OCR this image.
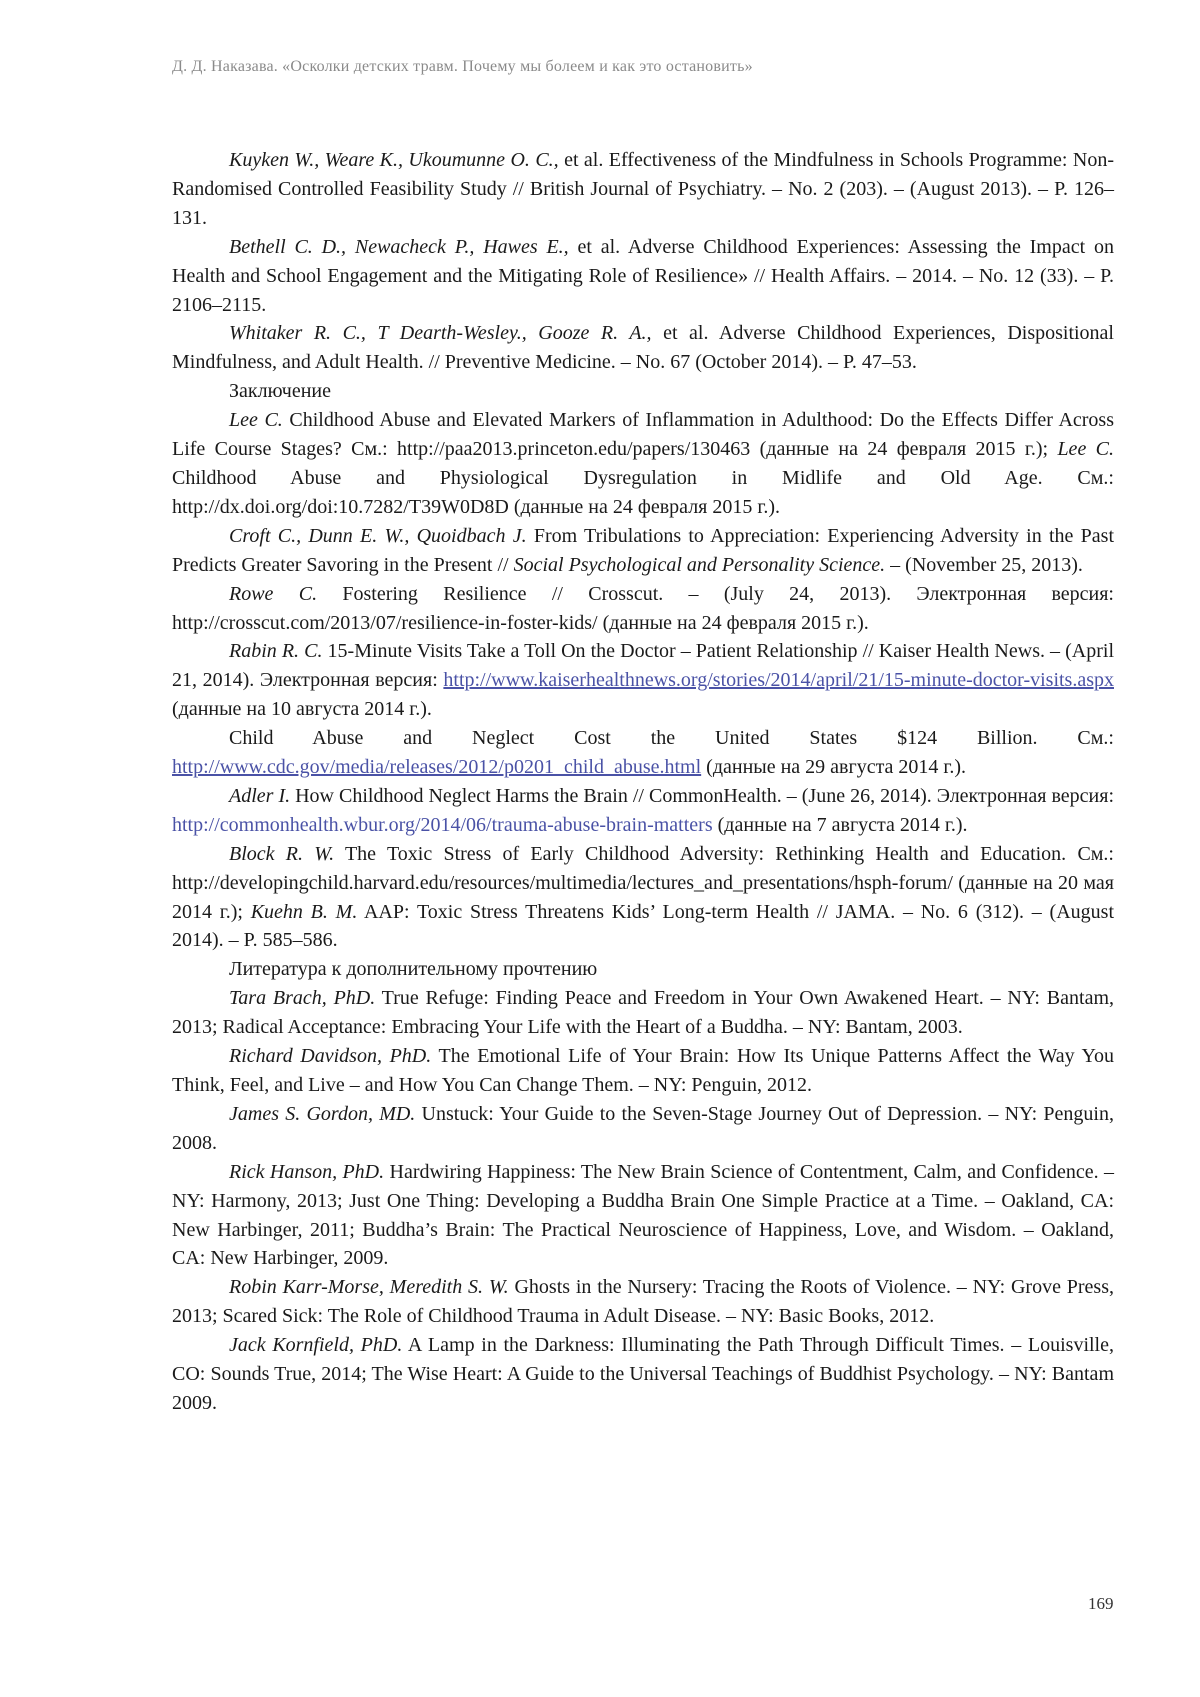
Д. Д. Наказава. «Осколки детских травм. Почему мы болеем и как это остановить»

Kuyken W., Weare K., Ukoumunne O. C., et al. Effectiveness of the Mindfulness in Schools Programme: Non-Randomised Controlled Feasibility Study // British Journal of Psychiatry. – No. 2 (203). – (August 2013). – P. 126–131.

Bethell C. D., Newacheck P., Hawes E., et al. Adverse Childhood Experiences: Assessing the Impact on Health and School Engagement and the Mitigating Role of Resilience» // Health Affairs. – 2014. – No. 12 (33). – P. 2106–2115.

Whitaker R. C., T Dearth-Wesley., Gooze R. A., et al. Adverse Childhood Experiences, Dispositional Mindfulness, and Adult Health. // Preventive Medicine. – No. 67 (October 2014). – P. 47–53.

Заключение

Lee C. Childhood Abuse and Elevated Markers of Inflammation in Adulthood: Do the Effects Differ Across Life Course Stages? См.: http://paa2013.princeton.edu/papers/130463 (данные на 24 февраля 2015 г.); Lee C. Childhood Abuse and Physiological Dysregulation in Midlife and Old Age. См.: http://dx.doi.org/doi:10.7282/T39W0D8D (данные на 24 февраля 2015 г.).

Croft C., Dunn E. W., Quoidbach J. From Tribulations to Appreciation: Experiencing Adversity in the Past Predicts Greater Savoring in the Present // Social Psychological and Personality Science. – (November 25, 2013).

Rowe C. Fostering Resilience // Crosscut. – (July 24, 2013). Электронная версия: http://crosscut.com/2013/07/resilience-in-foster-kids/ (данные на 24 февраля 2015 г.).

Rabin R. C. 15-Minute Visits Take a Toll On the Doctor – Patient Relationship // Kaiser Health News. – (April 21, 2014). Электронная версия: http://www.kaiserhealthnews.org/stories/2014/april/21/15-minute-doctor-visits.aspx (данные на 10 августа 2014 г.).

Child Abuse and Neglect Cost the United States $124 Billion. См.: http://www.cdc.gov/media/releases/2012/p0201_child_abuse.html (данные на 29 августа 2014 г.).

Adler I. How Childhood Neglect Harms the Brain // CommonHealth. – (June 26, 2014). Электронная версия: http://commonhealth.wbur.org/2014/06/trauma-abuse-brain-matters (данные на 7 августа 2014 г.).

Block R. W. The Toxic Stress of Early Childhood Adversity: Rethinking Health and Education. См.: http://developingchild.harvard.edu/resources/multimedia/lectures_and_presentations/hsph-forum/ (данные на 20 мая 2014 г.); Kuehn B. M. AAP: Toxic Stress Threatens Kids’ Long-term Health // JAMA. – No. 6 (312). – (August 2014). – P. 585–586.

Литература к дополнительному прочтению

Tara Brach, PhD. True Refuge: Finding Peace and Freedom in Your Own Awakened Heart. – NY: Bantam, 2013; Radical Acceptance: Embracing Your Life with the Heart of a Buddha. – NY: Bantam, 2003.

Richard Davidson, PhD. The Emotional Life of Your Brain: How Its Unique Patterns Affect the Way You Think, Feel, and Live – and How You Can Change Them. – NY: Penguin, 2012.

James S. Gordon, MD. Unstuck: Your Guide to the Seven-Stage Journey Out of Depression. – NY: Penguin, 2008.

Rick Hanson, PhD. Hardwiring Happiness: The New Brain Science of Contentment, Calm, and Confidence. – NY: Harmony, 2013; Just One Thing: Developing a Buddha Brain One Simple Practice at a Time. – Oakland, CA: New Harbinger, 2011; Buddha’s Brain: The Practical Neuroscience of Happiness, Love, and Wisdom. – Oakland, CA: New Harbinger, 2009.

Robin Karr-Morse, Meredith S. W. Ghosts in the Nursery: Tracing the Roots of Violence. – NY: Grove Press, 2013; Scared Sick: The Role of Childhood Trauma in Adult Disease. – NY: Basic Books, 2012.

Jack Kornfield, PhD. A Lamp in the Darkness: Illuminating the Path Through Difficult Times. – Louisville, CO: Sounds True, 2014; The Wise Heart: A Guide to the Universal Teachings of Buddhist Psychology. – NY: Bantam 2009.

169
